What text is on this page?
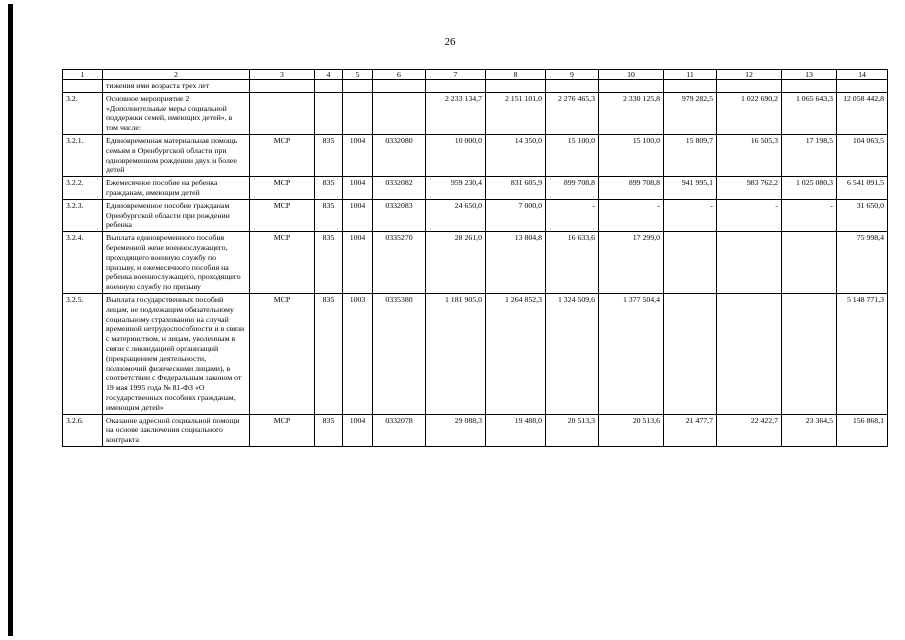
26
1	2	3	4	5	6	7	8	9	10	11	12	13	14
	тижения ими возраста трех лет												
3.2.	Основное мероприятие 2 «Дополнительные меры социальной поддержки семей, имеющих детей», в том числе:					2 233 134,7	2 151 101,0	2 276 465,3	2 330 125,8	979 282,5	1 022 690,2	1 065 643,3	12 058 442,8
3.2.1.	Единовременная материальная помощь семьям в Оренбургской области при одновременном рождении двух и более детей	МСР	835	1004	0332080	10 000,0	14 350,0	15 100,0	15 100,0	15 809,7	16 505,3	17 198,5	104 063,5
3.2.2.	Ежемесячное пособие на ребенка гражданам, имеющим детей	МСР	835	1004	0332082	959 230,4	831 605,9	899 708,8	899 708,8	941 995,1	983 762,2	1 025 080,3	6 541 091,5
3.2.3.	Единовременное пособие гражданам Оренбургской области при рождении ребенка	МСР	835	1004	0332083	24 650,0	7 000,0	-	-	-	-	-	31 650,0
3.2.4.	Выплата единовременного пособия беременной жене военнослужащего, проходящего военную службу по призыву, и ежемесячного пособия на ребенка военнослужащего, проходящего военную службу по призыву	МСР	835	1004	0335270	28 261,0	13 804,8	16 633,6	17 299,0				75 998,4
3.2.5.	Выплата государственных пособий лицам, не подлежащим обязательному социальному страхованию на случай временной нетрудоспособности и в связи с материнством, и лицам, уволенным в связи с ликвидацией организаций (прекращением деятельности, полномочий физическими лицами), в соответствии с Федеральным законом от 19 мая 1995 года № 81-ФЗ «О государственных пособиях гражданам, имеющим детей»	МСР	835	1003	0335380	1 181 905,0	1 264 852,3	1 324 509,6	1 377 504,4				5 148 771,3
3.2.6.	Оказание адресной социальной помощи на основе заключения социального контракта	МСР	835	1004	0332078	29 088,3	19 488,0	20 513,3	20 513,6	21 477,7	22 422,7	23 364,5	156 868,1
